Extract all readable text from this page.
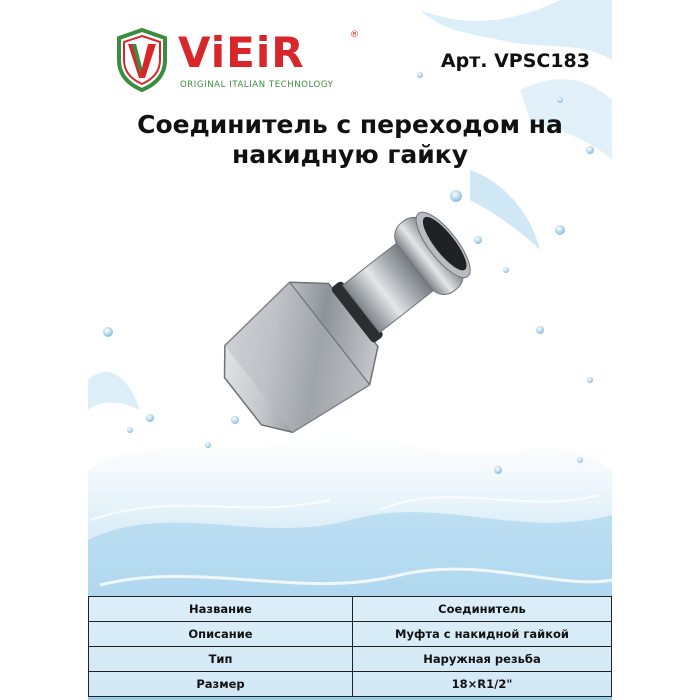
ViEiR	®
ORIGINAL ITALIAN TECHNOLOGY
Арт. VPSC183
Соединитель с переходом на накидную гайку
Название	Соединитель
Описание	Муфта с накидной гайкой
Тип	Наружная резьба
Размер	18×R1/2"
